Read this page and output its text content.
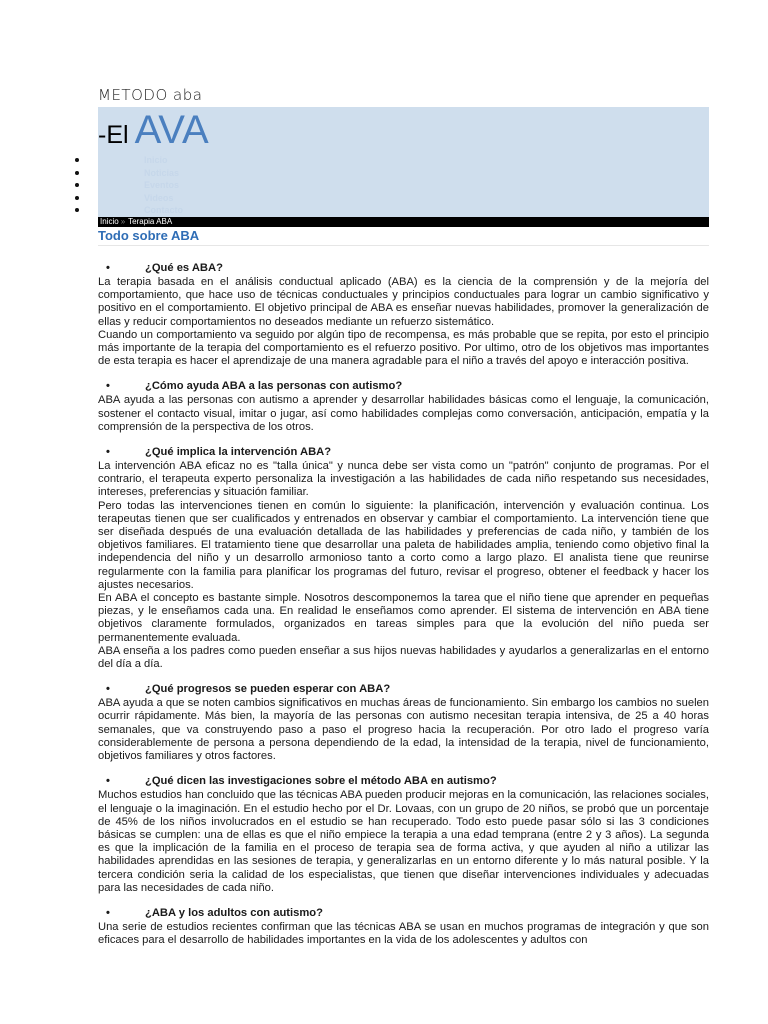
METODO aba
-El AVA
Inicio
Noticias
Eventos
Videos
Contacto
Inicio » Terapia ABA
Todo sobre ABA
•	¿Qué es ABA?

La terapia basada en el análisis conductual aplicado (ABA) es la ciencia de la comprensión y de la mejoría del comportamiento, que hace uso de técnicas conductuales y principios conductuales para lograr un cambio significativo y positivo en el comportamiento. El objetivo principal de ABA es enseñar nuevas habilidades, promover la generalización de ellas y reducir comportamientos no deseados mediante un refuerzo sistemático.

Cuando un comportamiento va seguido por algún tipo de recompensa, es más probable que se repita, por esto el principio más importante de la terapia del comportamiento es el refuerzo positivo. Por ultimo, otro de los objetivos mas importantes de esta terapia es hacer el aprendizaje de una manera agradable para el niño a través del apoyo e interacción positiva.

•	¿Cómo ayuda ABA a las personas con autismo?

ABA ayuda a las personas con autismo a aprender y desarrollar habilidades básicas como el lenguaje, la comunicación, sostener el contacto visual, imitar o jugar, así como habilidades complejas como conversación, anticipación, empatía y la comprensión de la perspectiva de los otros.

•	¿Qué implica la intervención ABA?

La intervención ABA eficaz no es "talla única" y nunca debe ser vista como un "patrón" conjunto de programas. Por el contrario, el terapeuta experto personaliza la investigación a las habilidades de cada niño respetando sus necesidades, intereses, preferencias y situación familiar.

Pero todas las intervenciones tienen en común lo siguiente: la planificación, intervención y evaluación continua. Los terapeutas tienen que ser cualificados y entrenados en observar y cambiar el comportamiento. La intervención tiene que ser diseñada después de una evaluación detallada de las habilidades y preferencias de cada niño, y también de los objetivos familiares. El tratamiento tiene que desarrollar una paleta de habilidades amplia, teniendo como objetivo final la independencia del niño y un desarrollo armonioso tanto a corto como a largo plazo. El analista tiene que reunirse regularmente con la familia para planificar los programas del futuro, revisar el progreso, obtener el feedback y hacer los ajustes necesarios.

En ABA el concepto es bastante simple. Nosotros descomponemos la tarea que el niño tiene que aprender en pequeñas piezas, y le enseñamos cada una. En realidad le enseñamos como aprender. El sistema de intervención en ABA tiene objetivos claramente formulados, organizados en tareas simples para que la evolución del niño pueda ser permanentemente evaluada.

ABA enseña a los padres como pueden enseñar a sus hijos nuevas habilidades y ayudarlos a generalizarlas en el entorno del día a día.

•	¿Qué progresos se pueden esperar con ABA?

ABA ayuda a que se noten cambios significativos en muchas áreas de funcionamiento. Sin embargo los cambios no suelen ocurrir rápidamente. Más bien, la mayoría de las personas con autismo necesitan terapia intensiva, de 25 a 40 horas semanales, que va construyendo paso a paso el progreso hacia la recuperación. Por otro lado el progreso varía considerablemente de persona a persona dependiendo de la edad, la intensidad de la terapia, nivel de funcionamiento, objetivos familiares y otros factores.

•	¿Qué dicen las investigaciones sobre el método ABA en autismo?

Muchos estudios han concluido que las técnicas ABA pueden producir mejoras en la comunicación, las relaciones sociales, el lenguaje o la imaginación. En el estudio hecho por el Dr. Lovaas, con un grupo de 20 niños, se probó que un porcentaje de 45% de los niños involucrados en el estudio se han recuperado. Todo esto puede pasar sólo si las 3 condiciones básicas se cumplen: una de ellas es que el niño empiece la terapia a una edad temprana (entre 2 y 3 años). La segunda es que la implicación de la familia en el proceso de terapia sea de forma activa, y que ayuden al niño a utilizar las habilidades aprendidas en las sesiones de terapia, y generalizarlas en un entorno diferente y lo más natural posible. Y la tercera condición seria la calidad de los especialistas, que tienen que diseñar intervenciones individuales y adecuadas para las necesidades de cada niño.

•	¿ABA y los adultos con autismo?

Una serie de estudios recientes confirman que las técnicas ABA se usan en muchos programas de integración y que son eficaces para el desarrollo de habilidades importantes en la vida de los adolescentes y adultos con
